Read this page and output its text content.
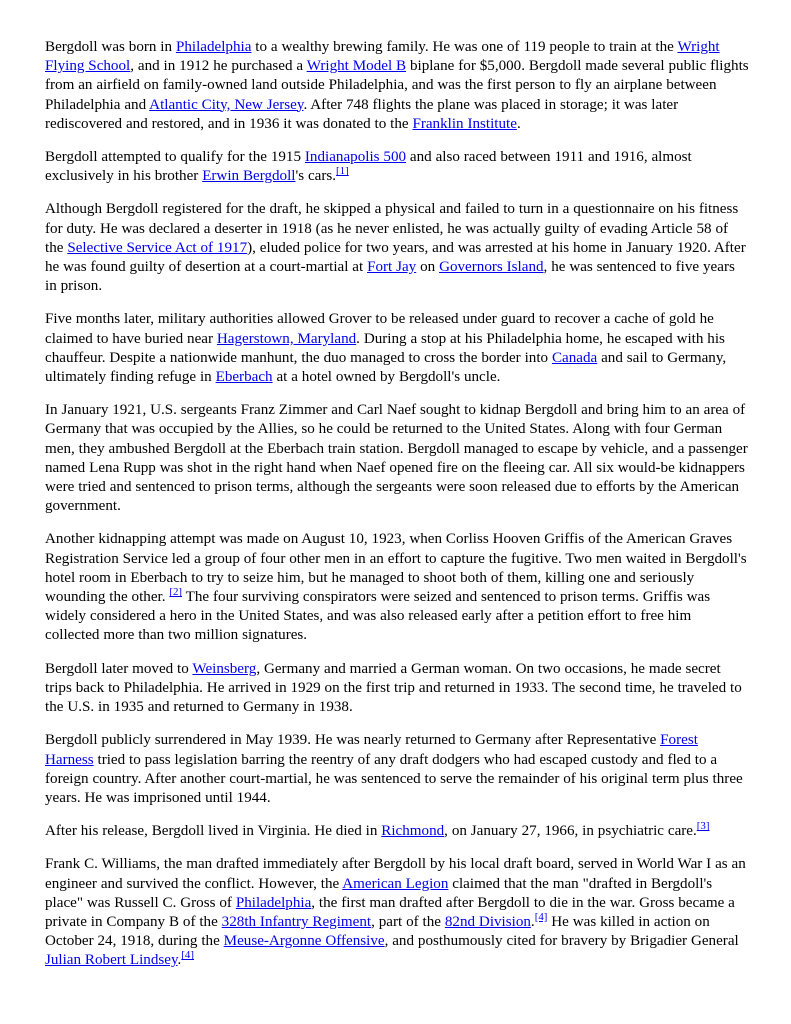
Bergdoll was born in Philadelphia to a wealthy brewing family. He was one of 119 people to train at the Wright Flying School, and in 1912 he purchased a Wright Model B biplane for $5,000. Bergdoll made several public flights from an airfield on family-owned land outside Philadelphia, and was the first person to fly an airplane between Philadelphia and Atlantic City, New Jersey. After 748 flights the plane was placed in storage; it was later rediscovered and restored, and in 1936 it was donated to the Franklin Institute.

Bergdoll attempted to qualify for the 1915 Indianapolis 500 and also raced between 1911 and 1916, almost exclusively in his brother Erwin Bergdoll's cars.[1]

Although Bergdoll registered for the draft, he skipped a physical and failed to turn in a questionnaire on his fitness for duty. He was declared a deserter in 1918 (as he never enlisted, he was actually guilty of evading Article 58 of the Selective Service Act of 1917), eluded police for two years, and was arrested at his home in January 1920. After he was found guilty of desertion at a court-martial at Fort Jay on Governors Island, he was sentenced to five years in prison.

Five months later, military authorities allowed Grover to be released under guard to recover a cache of gold he claimed to have buried near Hagerstown, Maryland. During a stop at his Philadelphia home, he escaped with his chauffeur. Despite a nationwide manhunt, the duo managed to cross the border into Canada and sail to Germany, ultimately finding refuge in Eberbach at a hotel owned by Bergdoll's uncle.

In January 1921, U.S. sergeants Franz Zimmer and Carl Naef sought to kidnap Bergdoll and bring him to an area of Germany that was occupied by the Allies, so he could be returned to the United States. Along with four German men, they ambushed Bergdoll at the Eberbach train station. Bergdoll managed to escape by vehicle, and a passenger named Lena Rupp was shot in the right hand when Naef opened fire on the fleeing car. All six would-be kidnappers were tried and sentenced to prison terms, although the sergeants were soon released due to efforts by the American government.

Another kidnapping attempt was made on August 10, 1923, when Corliss Hooven Griffis of the American Graves Registration Service led a group of four other men in an effort to capture the fugitive. Two men waited in Bergdoll's hotel room in Eberbach to try to seize him, but he managed to shoot both of them, killing one and seriously wounding the other. [2] The four surviving conspirators were seized and sentenced to prison terms. Griffis was widely considered a hero in the United States, and was also released early after a petition effort to free him collected more than two million signatures.

Bergdoll later moved to Weinsberg, Germany and married a German woman. On two occasions, he made secret trips back to Philadelphia. He arrived in 1929 on the first trip and returned in 1933. The second time, he traveled to the U.S. in 1935 and returned to Germany in 1938.

Bergdoll publicly surrendered in May 1939. He was nearly returned to Germany after Representative Forest Harness tried to pass legislation barring the reentry of any draft dodgers who had escaped custody and fled to a foreign country. After another court-martial, he was sentenced to serve the remainder of his original term plus three years. He was imprisoned until 1944.

After his release, Bergdoll lived in Virginia. He died in Richmond, on January 27, 1966, in psychiatric care.[3]

Frank C. Williams, the man drafted immediately after Bergdoll by his local draft board, served in World War I as an engineer and survived the conflict. However, the American Legion claimed that the man "drafted in Bergdoll's place" was Russell C. Gross of Philadelphia, the first man drafted after Bergdoll to die in the war. Gross became a private in Company B of the 328th Infantry Regiment, part of the 82nd Division.[4] He was killed in action on October 24, 1918, during the Meuse-Argonne Offensive, and posthumously cited for bravery by Brigadier General Julian Robert Lindsey.[4]
